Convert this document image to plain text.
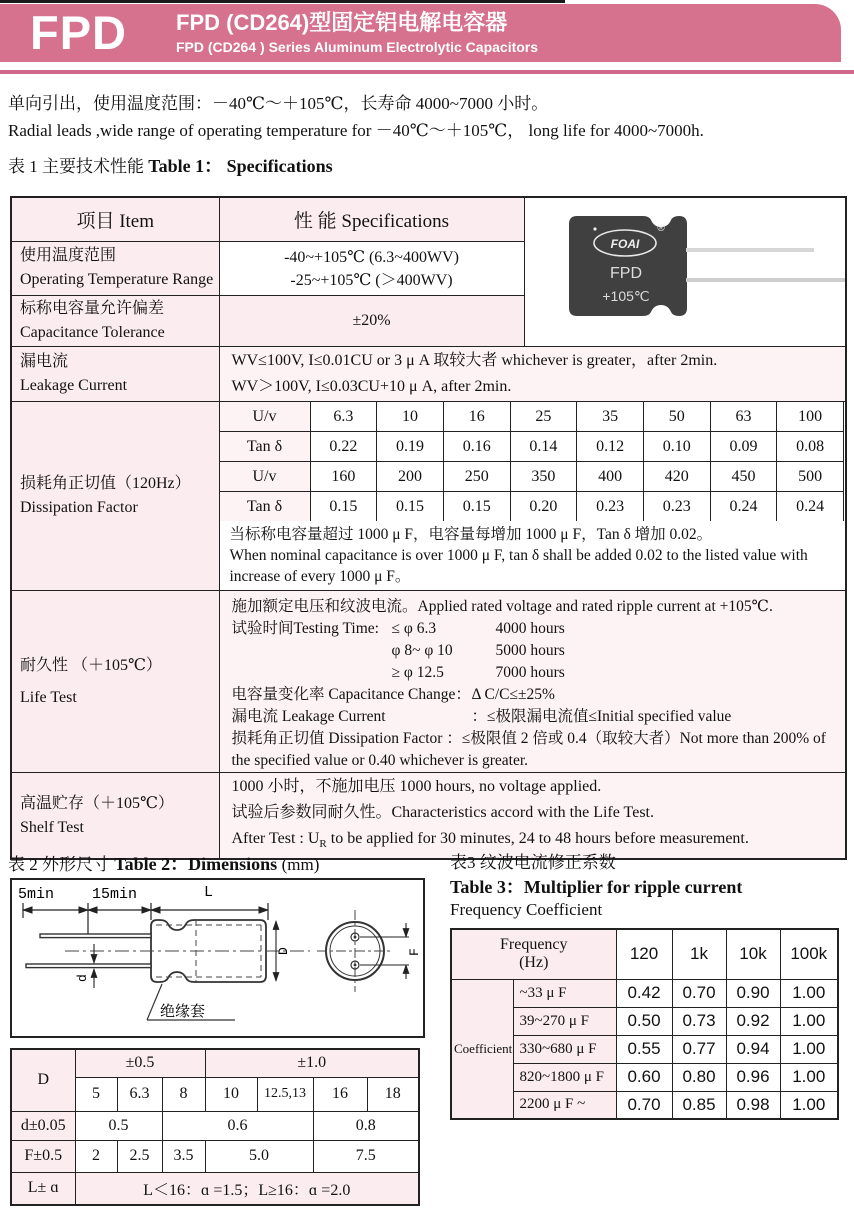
FPD FPD (CD264)型固定铝电解电容器
FPD (CD264 ) Series Aluminum Electrolytic Capacitors
单向引出，使用温度范围：－40℃～＋105℃，长寿命 4000~7000 小时。
Radial leads ,wide range of operating temperature for －40℃～＋105℃， long life for 4000~7000h.
表 1 主要技术性能 Table 1： Specifications
项目 Item	性 能 Specifications	
FOAI
®
FPD
+105℃

使用温度范围
Operating Temperature Range

-40~+105℃ (6.3~400WV)
-25~+105℃ (＞400WV)

标称电容量允许偏差
Capacitance Tolerance
	±20%

漏电流
Leakage Current

WV≤100V, I≤0.01CU or 3 μ A 取较大者 whichever is greater，after 2min.
WV＞100V, I≤0.03CU+10 μ A, after 2min.

损耗角正切值（120Hz）
Dissipation Factor

U/v	6.3	10	16	25	35	50	63	100
Tan δ	0.22	0.19	0.16	0.14	0.12	0.10	0.09	0.08
U/v	160	200	250	350	400	420	450	500
Tan δ	0.15	0.15	0.15	0.20	0.23	0.23	0.24	0.24
当标称电容量超过 1000 μ F，电容量每增加 1000 μ F，Tan δ 增加 0.02。
When nominal capacitance is over 1000 μ F, tan δ shall be added 0.02 to the listed value with
increase of every 1000 μ F。

耐久性 （＋105℃）
Life Test

施加额定电压和纹波电流。Applied rated voltage and rated ripple current at +105℃.
试验时间Testing Time: ≤ φ 6.3	4000 hours
φ 8~ φ 10	5000 hours
≥ φ 12.5	7000 hours
电容量变化率 Capacitance Change：Δ C/C≤±25%
漏电流 Leakage Current	：≤极限漏电流值≤Initial specified value
损耗角正切值 Dissipation Factor ：≤极限值 2 倍或 0.4（取较大者）Not more than 200% of
the specified value or 0.40 whichever is greater.

高温贮存（＋105℃）
Shelf Test

1000 小时，不施加电压 1000 hours, no voltage applied.
试验后参数同耐久性。Characteristics accord with the Life Test.
After Test : $U_R$ to be applied for 30 minutes, 24 to 48 hours before measurement.
表 2 外形尺寸 Table 2：Dimensions (mm)
5min	15min	L
d
D
绝缘套
F
D	±0.5			±1.0			
	5	6.3	8	10	12.5,13	16	18
d±0.05	0.5		0.6			0.8	
F±0.5	2	2.5	3.5	5.0		7.5	
L± ɑ	L＜16：ɑ =1.5；L≥16：ɑ =2.0						
表3 纹波电流修正系数
Table 3：Multiplier for ripple current
Frequency Coefficient
Frequency
(Hz)		120	1k	10k	100k
Coefficient	~33 μ F	0.42	0.70	0.90	1.00
	39~270 μ F	0.50	0.73	0.92	1.00
	330~680 μ F	0.55	0.77	0.94	1.00
	820~1800 μ F	0.60	0.80	0.96	1.00
	2200 μ F ~	0.70	0.85	0.98	1.00
